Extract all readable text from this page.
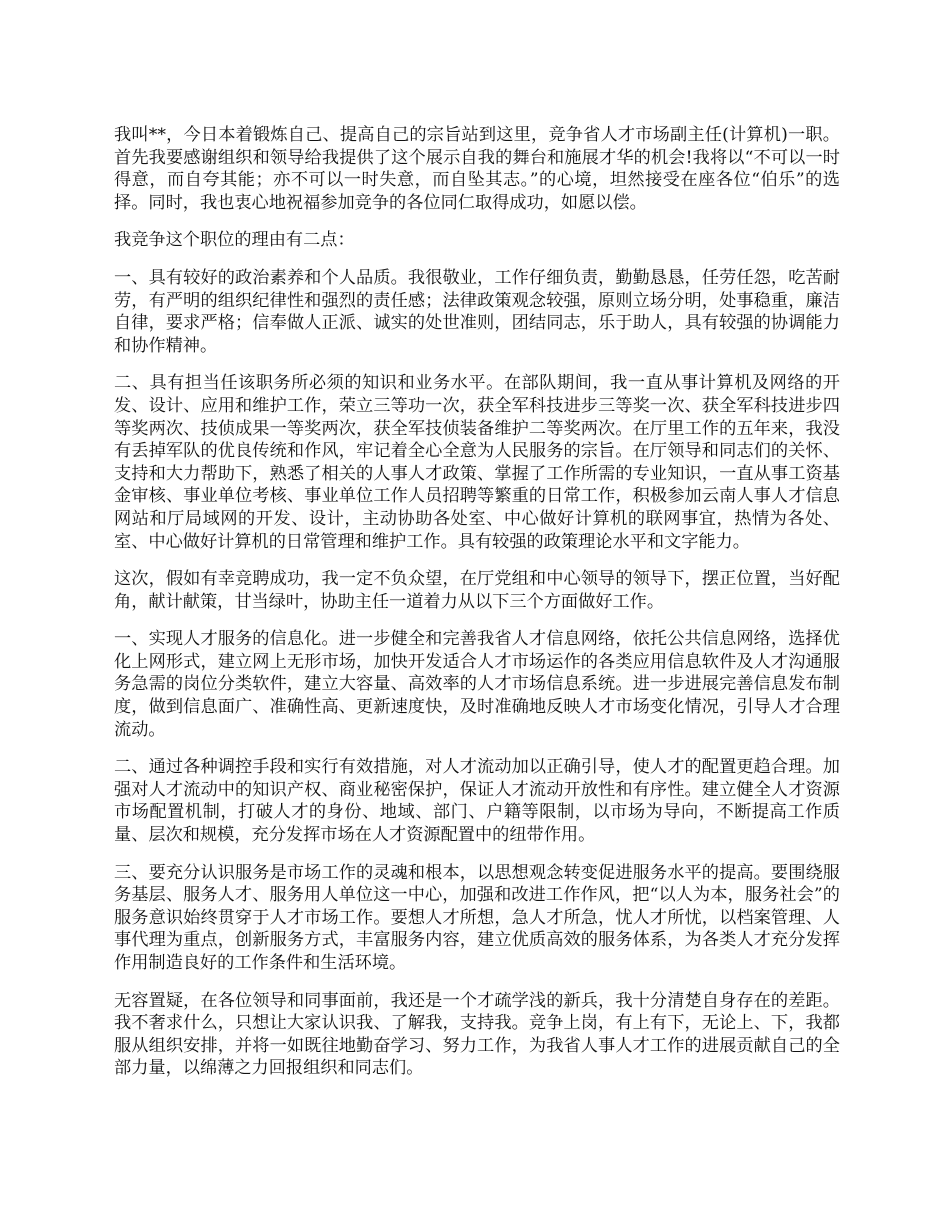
我叫**，今日本着锻炼自己、提高自己的宗旨站到这里，竞争省人才市场副主任(计算机)一职。首先我要感谢组织和领导给我提供了这个展示自我的舞台和施展才华的机会!我将以“不可以一时得意，而自夸其能；亦不可以一时失意，而自坠其志。”的心境，坦然接受在座各位“伯乐”的选择。同时，我也衷心地祝福参加竞争的各位同仁取得成功，如愿以偿。

我竞争这个职位的理由有二点：

一、具有较好的政治素养和个人品质。我很敬业，工作仔细负责，勤勤恳恳，任劳任怨，吃苦耐劳，有严明的组织纪律性和强烈的责任感；法律政策观念较强，原则立场分明，处事稳重，廉洁自律，要求严格；信奉做人正派、诚实的处世准则，团结同志，乐于助人，具有较强的协调能力和协作精神。

二、具有担当任该职务所必须的知识和业务水平。在部队期间，我一直从事计算机及网络的开发、设计、应用和维护工作，荣立三等功一次，获全军科技进步三等奖一次、获全军科技进步四等奖两次、技侦成果一等奖两次，获全军技侦装备维护二等奖两次。在厅里工作的五年来，我没有丢掉军队的优良传统和作风，牢记着全心全意为人民服务的宗旨。在厅领导和同志们的关怀、支持和大力帮助下，熟悉了相关的人事人才政策、掌握了工作所需的专业知识，一直从事工资基金审核、事业单位考核、事业单位工作人员招聘等繁重的日常工作，积极参加云南人事人才信息网站和厅局域网的开发、设计，主动协助各处室、中心做好计算机的联网事宜，热情为各处、室、中心做好计算机的日常管理和维护工作。具有较强的政策理论水平和文字能力。

这次，假如有幸竞聘成功，我一定不负众望，在厅党组和中心领导的领导下，摆正位置，当好配角，献计献策，甘当绿叶，协助主任一道着力从以下三个方面做好工作。

一、实现人才服务的信息化。进一步健全和完善我省人才信息网络，依托公共信息网络，选择优化上网形式，建立网上无形市场，加快开发适合人才市场运作的各类应用信息软件及人才沟通服务急需的岗位分类软件，建立大容量、高效率的人才市场信息系统。进一步进展完善信息发布制度，做到信息面广、准确性高、更新速度快，及时准确地反映人才市场变化情况，引导人才合理流动。

二、通过各种调控手段和实行有效措施，对人才流动加以正确引导，使人才的配置更趋合理。加强对人才流动中的知识产权、商业秘密保护，保证人才流动开放性和有序性。建立健全人才资源市场配置机制，打破人才的身份、地域、部门、户籍等限制，以市场为导向，不断提高工作质量、层次和规模，充分发挥市场在人才资源配置中的纽带作用。

三、要充分认识服务是市场工作的灵魂和根本，以思想观念转变促进服务水平的提高。要围绕服务基层、服务人才、服务用人单位这一中心，加强和改进工作作风，把“以人为本，服务社会”的服务意识始终贯穿于人才市场工作。要想人才所想，急人才所急，忧人才所忧，以档案管理、人事代理为重点，创新服务方式，丰富服务内容，建立优质高效的服务体系，为各类人才充分发挥作用制造良好的工作条件和生活环境。

无容置疑，在各位领导和同事面前，我还是一个才疏学浅的新兵，我十分清楚自身存在的差距。我不奢求什么，只想让大家认识我、了解我，支持我。竞争上岗，有上有下，无论上、下，我都服从组织安排，并将一如既往地勤奋学习、努力工作，为我省人事人才工作的进展贡献自己的全部力量，以绵薄之力回报组织和同志们。
